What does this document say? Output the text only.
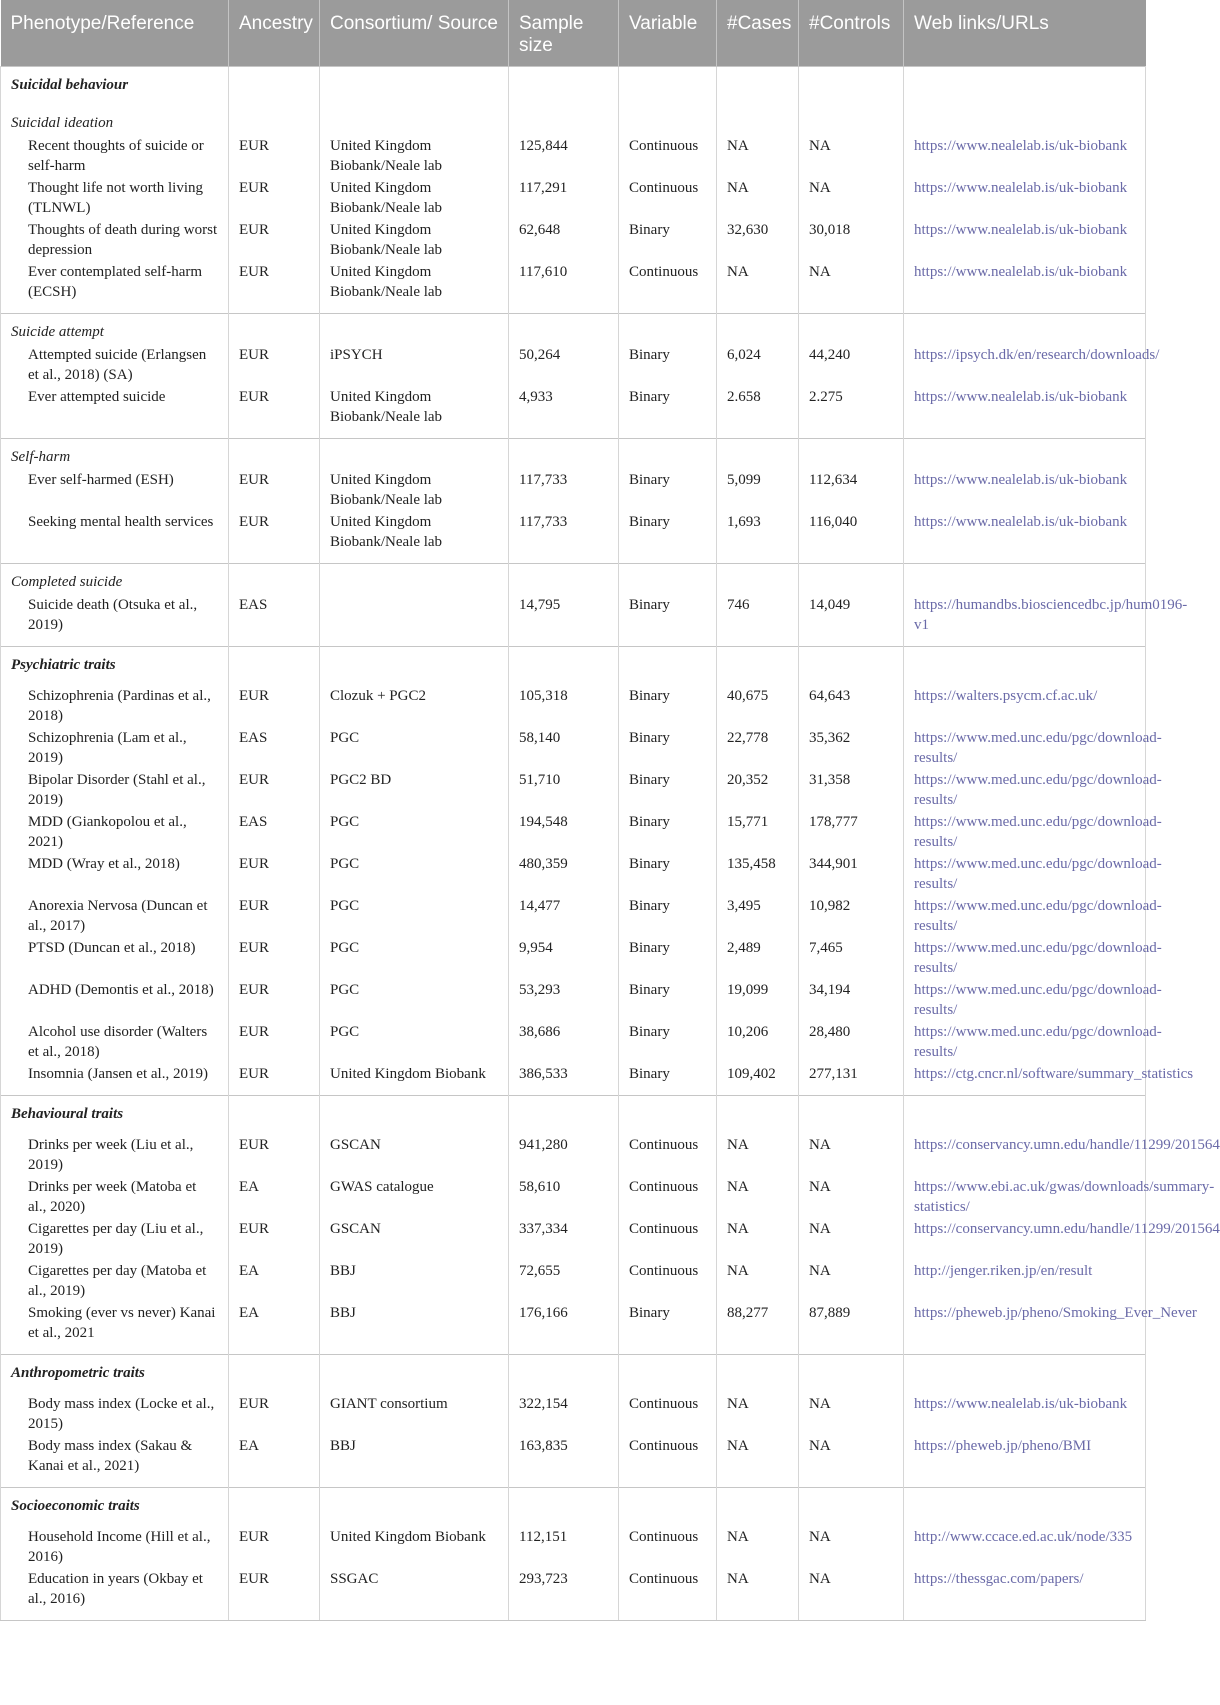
Phenotype/Reference	Ancestry	Consortium/ Source	Sample size	Variable	#Cases	#Controls	Web links/URLs
Suicidal behaviour							
Suicidal ideation							
Recent thoughts of suicide or self-harm	EUR	United Kingdom Biobank/Neale lab	125,844	Continuous	NA	NA	https://www.nealelab.is/uk-biobank
Thought life not worth living (TLNWL)	EUR	United Kingdom Biobank/Neale lab	117,291	Continuous	NA	NA	https://www.nealelab.is/uk-biobank
Thoughts of death during worst depression	EUR	United Kingdom Biobank/Neale lab	62,648	Binary	32,630	30,018	https://www.nealelab.is/uk-biobank
Ever contemplated self-harm (ECSH)	EUR	United Kingdom Biobank/Neale lab	117,610	Continuous	NA	NA	https://www.nealelab.is/uk-biobank
Suicide attempt							
Attempted suicide (Erlangsen et al., 2018) (SA)	EUR	iPSYCH	50,264	Binary	6,024	44,240	https://ipsych.dk/en/research/downloads/
Ever attempted suicide	EUR	United Kingdom Biobank/Neale lab	4,933	Binary	2.658	2.275	https://www.nealelab.is/uk-biobank
Self-harm							
Ever self-harmed (ESH)	EUR	United Kingdom Biobank/Neale lab	117,733	Binary	5,099	112,634	https://www.nealelab.is/uk-biobank
Seeking mental health services	EUR	United Kingdom Biobank/Neale lab	117,733	Binary	1,693	116,040	https://www.nealelab.is/uk-biobank
Completed suicide							
Suicide death (Otsuka et al., 2019)	EAS		14,795	Binary	746	14,049	https://humandbs.biosciencedbc.jp/hum0196-v1
Psychiatric traits							
Schizophrenia (Pardinas et al., 2018)	EUR	Clozuk + PGC2	105,318	Binary	40,675	64,643	https://walters.psycm.cf.ac.uk/
Schizophrenia (Lam et al., 2019)	EAS	PGC	58,140	Binary	22,778	35,362	https://www.med.unc.edu/pgc/download-results/
Bipolar Disorder (Stahl et al., 2019)	EUR	PGC2 BD	51,710	Binary	20,352	31,358	https://www.med.unc.edu/pgc/download-results/
MDD (Giankopolou et al., 2021)	EAS	PGC	194,548	Binary	15,771	178,777	https://www.med.unc.edu/pgc/download-results/
MDD (Wray et al., 2018)	EUR	PGC	480,359	Binary	135,458	344,901	https://www.med.unc.edu/pgc/download-results/
Anorexia Nervosa (Duncan et al., 2017)	EUR	PGC	14,477	Binary	3,495	10,982	https://www.med.unc.edu/pgc/download-results/
PTSD (Duncan et al., 2018)	EUR	PGC	9,954	Binary	2,489	7,465	https://www.med.unc.edu/pgc/download-results/
ADHD (Demontis et al., 2018)	EUR	PGC	53,293	Binary	19,099	34,194	https://www.med.unc.edu/pgc/download-results/
Alcohol use disorder (Walters et al., 2018)	EUR	PGC	38,686	Binary	10,206	28,480	https://www.med.unc.edu/pgc/download-results/
Insomnia (Jansen et al., 2019)	EUR	United Kingdom Biobank	386,533	Binary	109,402	277,131	https://ctg.cncr.nl/software/summary_statistics
Behavioural traits							
Drinks per week (Liu et al., 2019)	EUR	GSCAN	941,280	Continuous	NA	NA	https://conservancy.umn.edu/handle/11299/201564
Drinks per week (Matoba et al., 2020)	EA	GWAS catalogue	58,610	Continuous	NA	NA	https://www.ebi.ac.uk/gwas/downloads/summary-statistics/
Cigarettes per day (Liu et al., 2019)	EUR	GSCAN	337,334	Continuous	NA	NA	https://conservancy.umn.edu/handle/11299/201564
Cigarettes per day (Matoba et al., 2019)	EA	BBJ	72,655	Continuous	NA	NA	http://jenger.riken.jp/en/result
Smoking (ever vs never) Kanai et al., 2021	EA	BBJ	176,166	Binary	88,277	87,889	https://pheweb.jp/pheno/Smoking_Ever_Never
Anthropometric traits							
Body mass index (Locke et al., 2015)	EUR	GIANT consortium	322,154	Continuous	NA	NA	https://www.nealelab.is/uk-biobank
Body mass index (Sakau & Kanai et al., 2021)	EA	BBJ	163,835	Continuous	NA	NA	https://pheweb.jp/pheno/BMI
Socioeconomic traits							
Household Income (Hill et al., 2016)	EUR	United Kingdom Biobank	112,151	Continuous	NA	NA	http://www.ccace.ed.ac.uk/node/335
Education in years (Okbay et al., 2016)	EUR	SSGAC	293,723	Continuous	NA	NA	https://thessgac.com/papers/
